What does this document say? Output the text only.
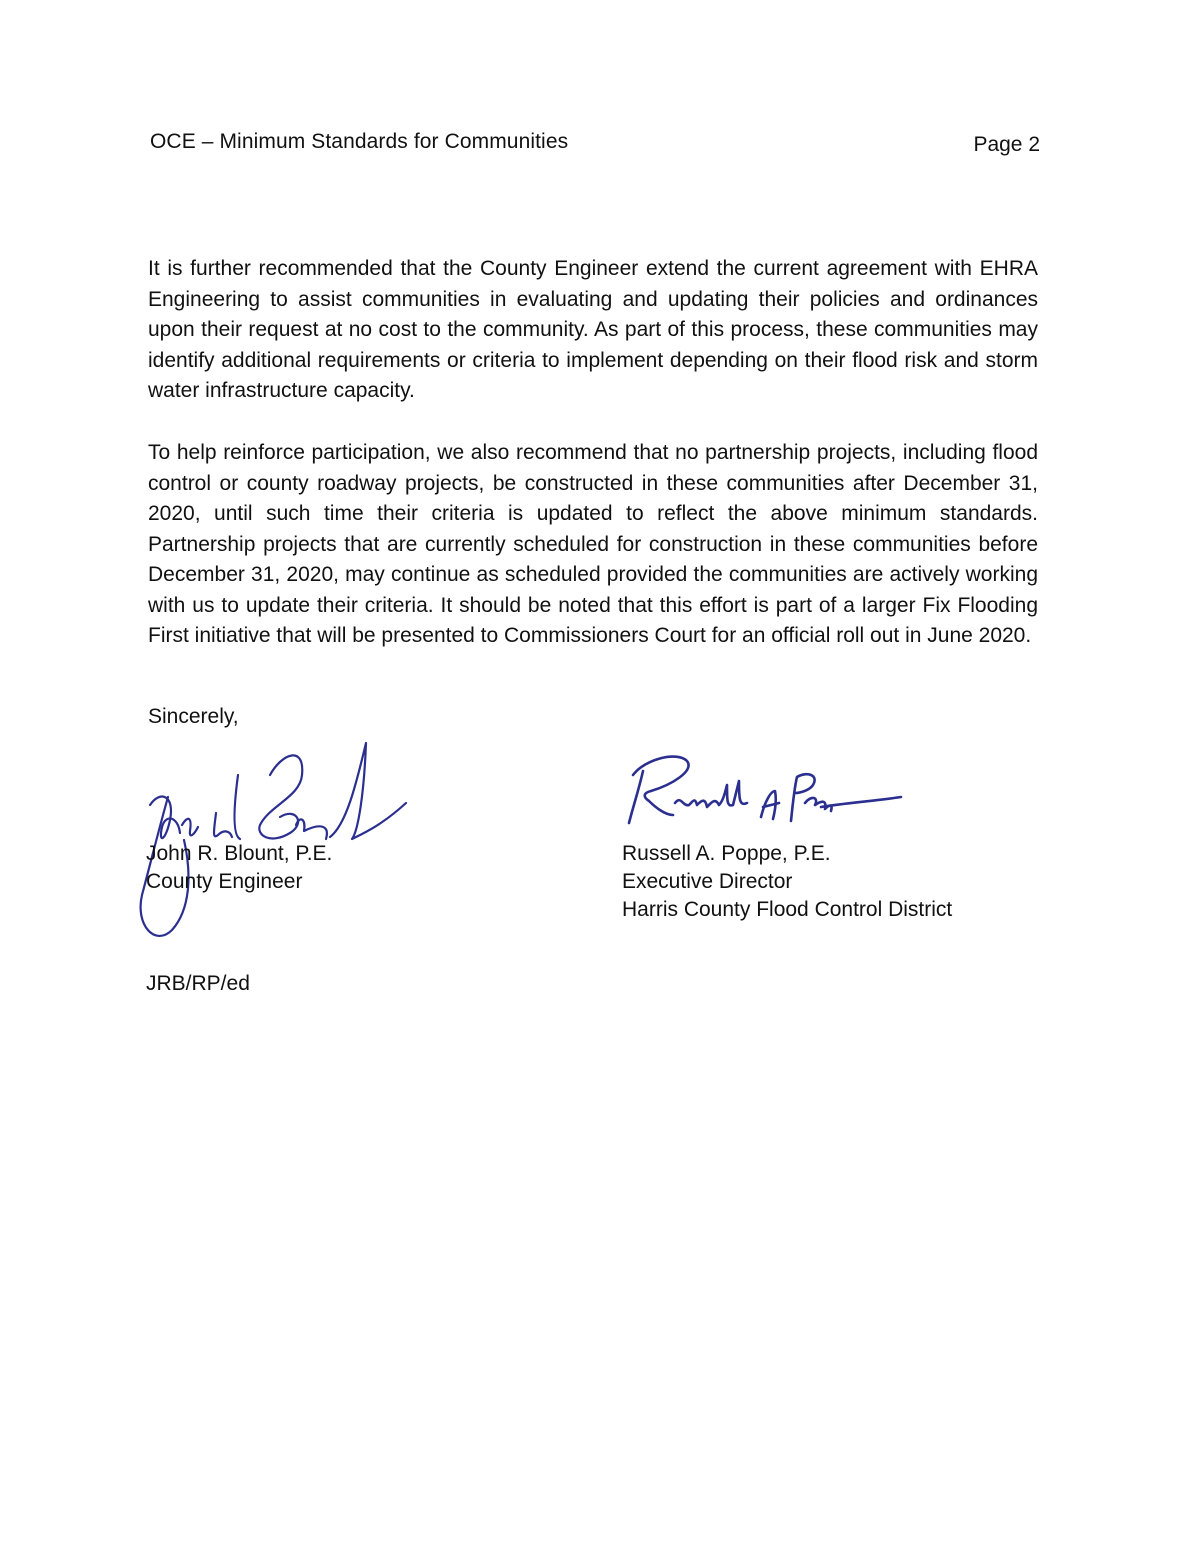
OCE – Minimum Standards for Communities	Page 2
It is further recommended that the County Engineer extend the current agreement with EHRA Engineering to assist communities in evaluating and updating their policies and ordinances upon their request at no cost to the community. As part of this process, these communities may identify additional requirements or criteria to implement depending on their flood risk and storm water infrastructure capacity.
To help reinforce participation, we also recommend that no partnership projects, including flood control or county roadway projects, be constructed in these communities after December 31, 2020, until such time their criteria is updated to reflect the above minimum standards. Partnership projects that are currently scheduled for construction in these communities before December 31, 2020, may continue as scheduled provided the communities are actively working with us to update their criteria. It should be noted that this effort is part of a larger Fix Flooding First initiative that will be presented to Commissioners Court for an official roll out in June 2020.
Sincerely,
John R. Blount, P.E.
County Engineer
Russell A. Poppe, P.E.
Executive Director
Harris County Flood Control District
JRB/RP/ed
